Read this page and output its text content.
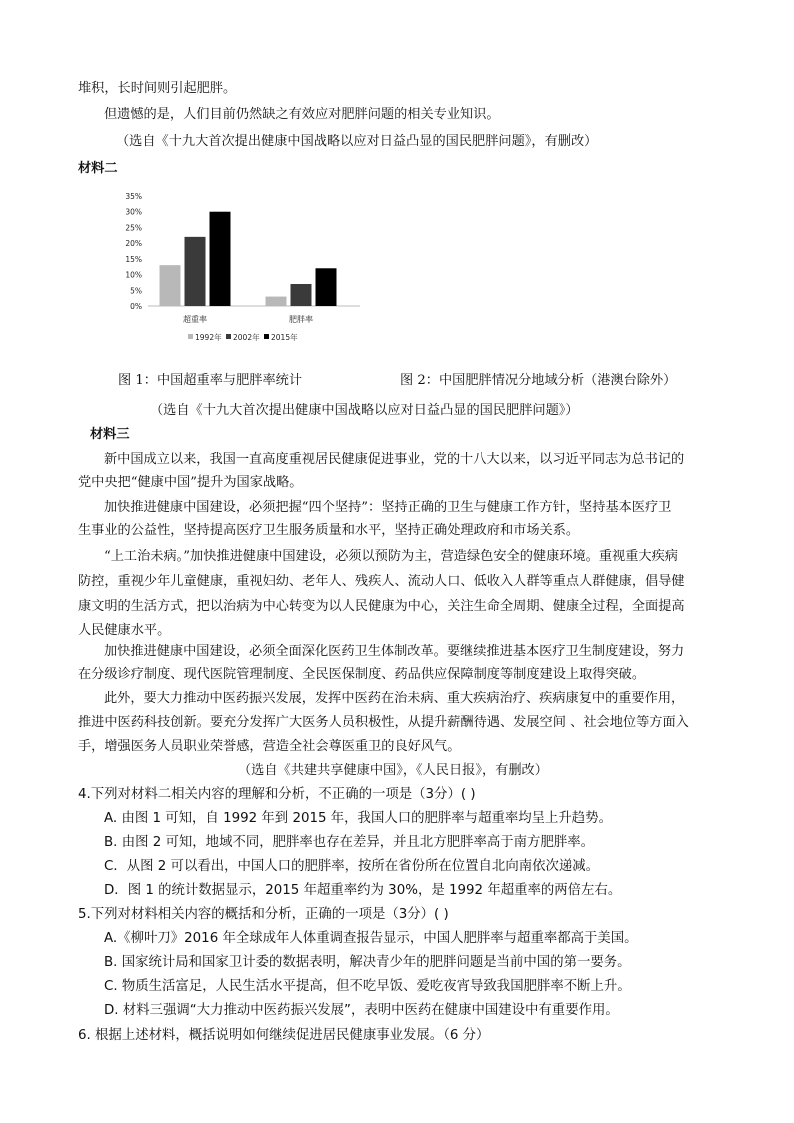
堆积，长时间则引起肥胖。
但遗憾的是，人们目前仍然缺之有效应对肥胖问题的相关专业知识。
（选自《十九大首次提出健康中国战略以应对日益凸显的国民肥胖问题》，有删改）
材料二
0%
5%
10%
15%
20%
25%
30%
35%
超重率	肥胖率
1992年 2002年 2015年
图 1：中国超重率与肥胖率统计	图 2：中国肥胖情况分地域分析（港澳台除外）
（选自《十九大首次提出健康中国战略以应对日益凸显的国民肥胖问题》）
材料三
新中国成立以来，我国一直高度重视居民健康促进事业，党的十八大以来，以习近平同志为总书记的
党中央把“健康中国”提升为国家战略。
加快推进健康中国建设，必须把握“四个坚持”：坚持正确的卫生与健康工作方针，坚持基本医疗卫
生事业的公益性，坚持提高医疗卫生服务质量和水平，坚持正确处理政府和市场关系。
“上工治未病。”加快推进健康中国建设，必须以预防为主，营造绿色安全的健康环境。重视重大疾病
防控，重视少年儿童健康，重视妇幼、老年人、残疾人、流动人口、低收入人群等重点人群健康，倡导健
康文明的生活方式，把以治病为中心转变为以人民健康为中心，关注生命全周期、健康全过程，全面提高
人民健康水平。
加快推进健康中国建设，必须全面深化医药卫生体制改革。要继续推进基本医疗卫生制度建设，努力
在分级诊疗制度、现代医院管理制度、全民医保制度、药品供应保障制度等制度建设上取得突破。
此外，要大力推动中医药振兴发展，发挥中医药在治未病、重大疾病治疗、疾病康复中的重要作用，
推进中医药科技创新。要充分发挥广大医务人员积极性，从提升薪酬待遇、发展空间 、社会地位等方面入
手，增强医务人员职业荣誉感，营造全社会尊医重卫的良好风气。
（选自《共建共享健康中国》，《人民日报》，有删改）
4.下列对材料二相关内容的理解和分析，不正确的一项是（3分）( )
A. 由图 1 可知，自 1992 年到 2015 年，我国人口的肥胖率与超重率均呈上升趋势。
B. 由图 2 可知，地域不同，肥胖率也存在差异，并且北方肥胖率高于南方肥胖率。
C．从图 2 可以看出，中国人口的肥胖率，按所在省份所在位置自北向南依次递减。
D．图 1 的统计数据显示，2015 年超重率约为 30%，是 1992 年超重率的两倍左右。
5.下列对材料相关内容的概括和分析，正确的一项是（3分）( )
A.《柳叶刀》2016 年全球成年人体重调查报告显示，中国人肥胖率与超重率都高于美国。
B. 国家统计局和国家卫计委的数据表明，解决青少年的肥胖问题是当前中国的第一要务。
C. 物质生活富足，人民生活水平提高，但不吃早饭、爱吃夜宵导致我国肥胖率不断上升。
D. 材料三强调“大力推动中医药振兴发展”，表明中医药在健康中国建设中有重要作用。
6. 根据上述材料，概括说明如何继续促进居民健康事业发展。（6 分）
